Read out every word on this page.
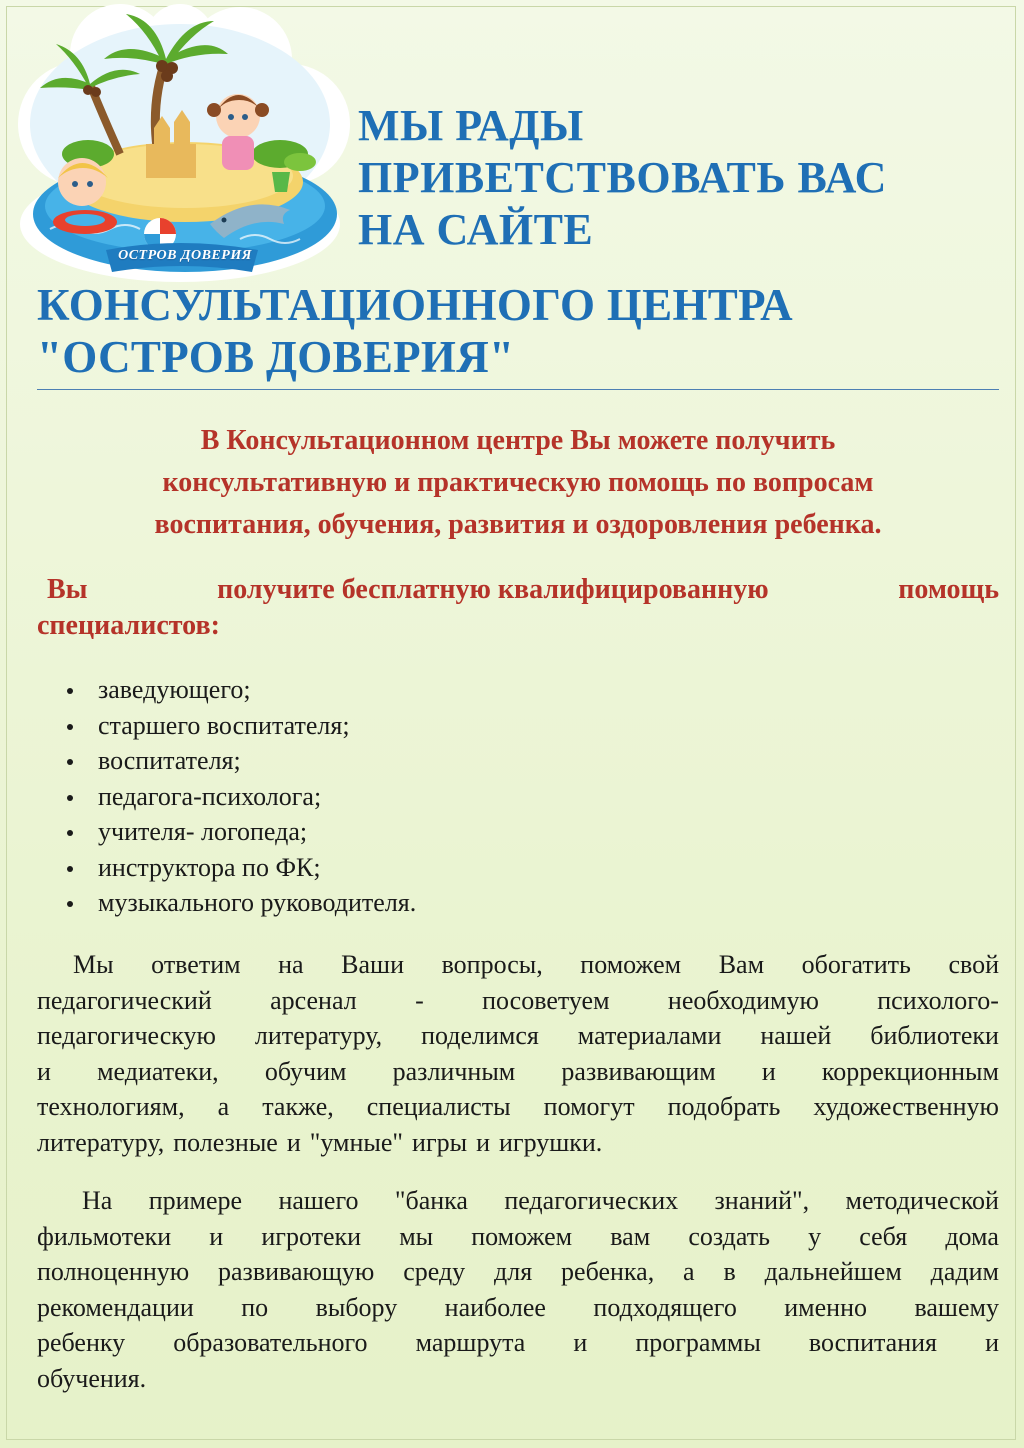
ОСТРОВ ДОВЕРИЯ
МЫ РАДЫ
ПРИВЕТСТВОВАТЬ ВАС
НА САЙТЕ
КОНСУЛЬТАЦИОННОГО ЦЕНТРА
"ОСТРОВ ДОВЕРИЯ"
В Консультационном центре Вы можете получить
консультативную и практическую помощь по вопросам
воспитания, обучения, развития и оздоровления ребенка.
Вы	получите бесплатную квалифицированную	помощь
специалистов:
заведующего;
старшего воспитателя;
воспитателя;
педагога-психолога;
учителя- логопеда;
инструктора по ФК;
музыкального руководителя.
Мы ответим на Ваши вопросы, поможем Вам обогатить свой
педагогический арсенал - посоветуем необходимую психолого-
педагогическую литературу, поделимся материалами нашей библиотеки
и медиатеки, обучим различным развивающим и коррекционным
технологиям, а также, специалисты помогут подобрать художественную
литературу, полезные и "умные" игры и игрушки.
На примере нашего "банка педагогических знаний", методической
фильмотеки и игротеки мы поможем вам создать у себя дома
полноценную развивающую среду для ребенка, а в дальнейшем дадим
рекомендации по выбору наиболее подходящего именно вашему
ребенку образовательного маршрута и программы воспитания и
обучения.
